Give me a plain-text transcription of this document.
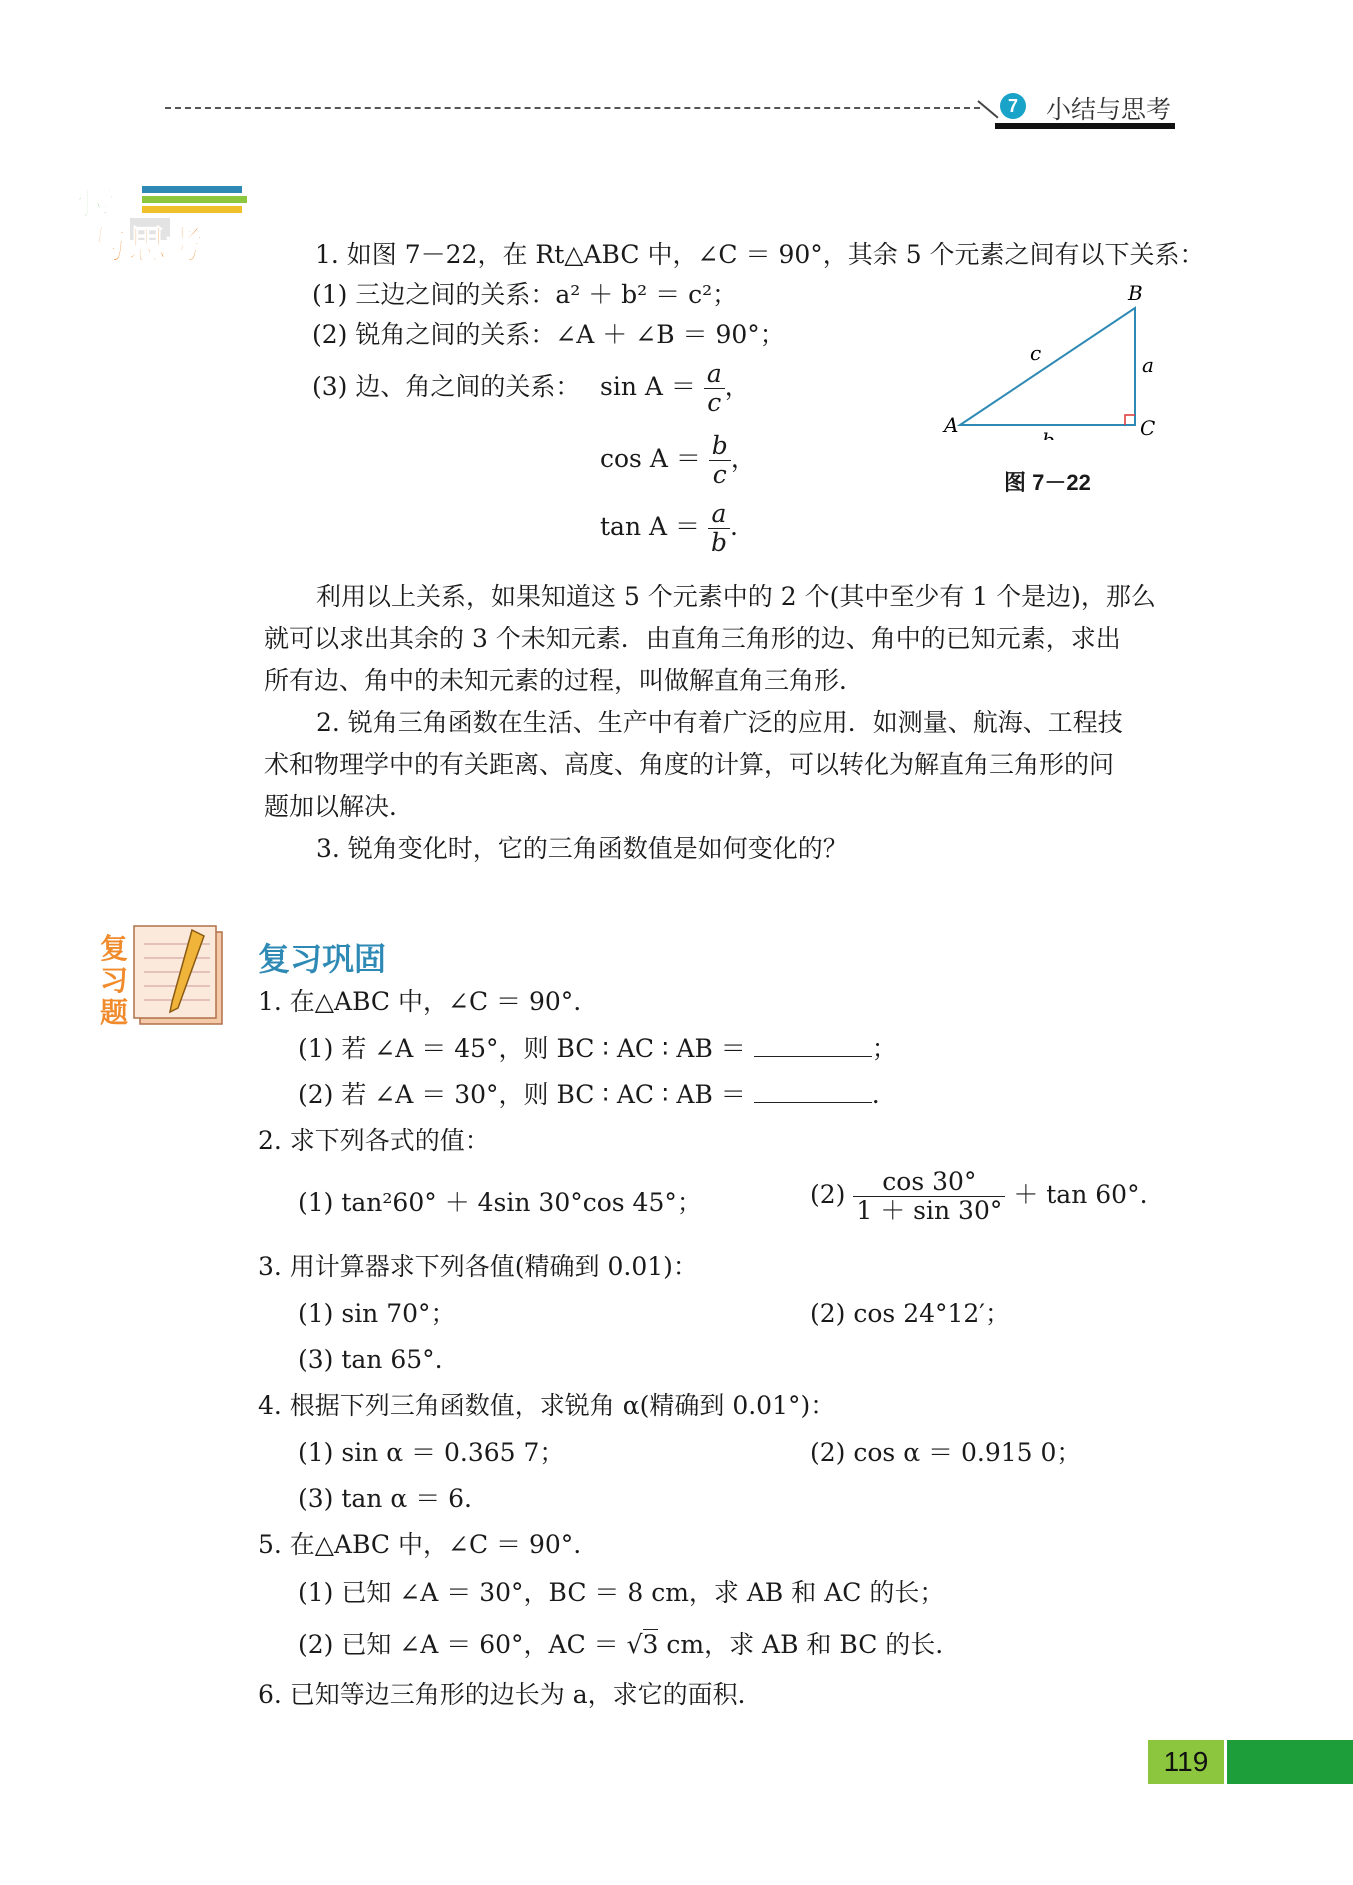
7	小结与思考
小结
与思考	1. 如图 7－22，在 Rt△ABC 中，∠C ＝ 90°，其余 5 个元素之间有以下关系：
(1) 三边之间的关系：a² ＋ b² ＝ c²；
(2) 锐角之间的关系：∠A ＋ ∠B ＝ 90°；
(3) 边、角之间的关系： $\sin A = \frac{a}{c}$ ，
$\cos A = \frac{b}{c}$ ，
$\tan A = \frac{a}{b}$ .
A
B
C
a
b
c
图 7－22
利用以上关系，如果知道这 5 个元素中的 2 个(其中至少有 1 个是边)，那么
就可以求出其余的 3 个未知元素．由直角三角形的边、角中的已知元素，求出
所有边、角中的未知元素的过程，叫做解直角三角形．
2. 锐角三角函数在生活、生产中有着广泛的应用．如测量、航海、工程技
术和物理学中的有关距离、高度、角度的计算，可以转化为解直角三角形的问
题加以解决．
3. 锐角变化时，它的三角函数值是如何变化的？
复
习
题
复习巩固
1. 在△ABC 中，∠C ＝ 90°.
(1) 若 ∠A ＝ 45°，则 BC ∶ AC ∶ AB ＝	；
(2) 若 ∠A ＝ 30°，则 BC ∶ AC ∶ AB ＝	.
2. 求下列各式的值：
(1) tan²60° ＋ 4sin 30°cos 45°；	$(2) \frac{\cos 30^\circ}{1 + \sin 30^\circ} + \tan 60^\circ$.
3. 用计算器求下列各值(精确到 0.01)：
(1) sin 70°；	(2) cos 24°12′；
(3) tan 65°.
4. 根据下列三角函数值，求锐角 α(精确到 0.01°)：
(1) sin α ＝ 0.365 7；	(2) cos α ＝ 0.915 0；
(3) tan α ＝ 6.
5. 在△ABC 中，∠C ＝ 90°.
(1) 已知 ∠A ＝ 30°，BC ＝ 8 cm，求 AB 和 AC 的长；
(2) 已知 ∠A ＝ 60°，AC ＝ √3 cm，求 AB 和 BC 的长.
6. 已知等边三角形的边长为 a，求它的面积．
119
